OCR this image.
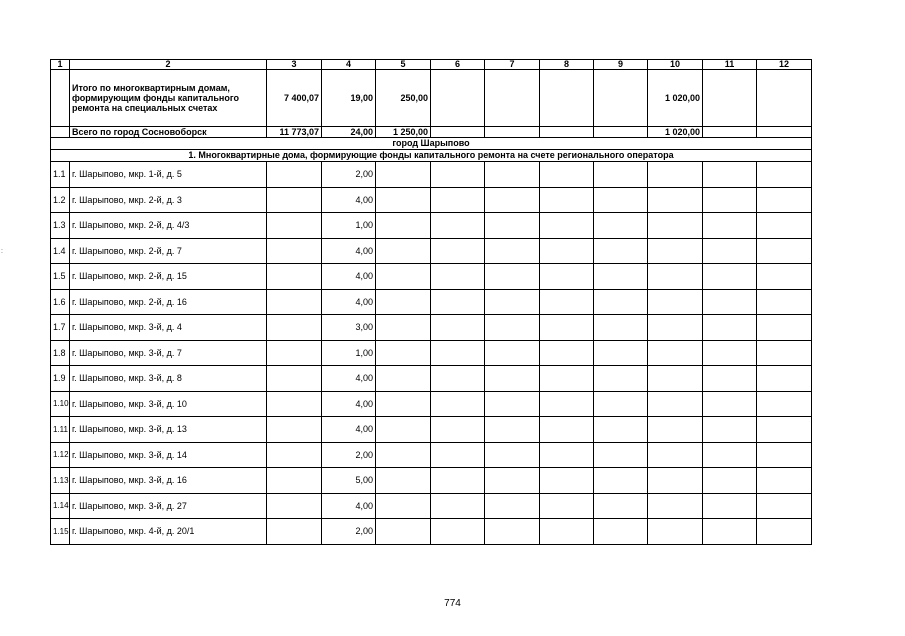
:
1	2	3	4	5	6	7	8	9	10	11	12
	Итого по многоквартирным домам, формирующим фонды капитального ремонта на специальных счетах	7 400,07	19,00	250,00					1 020,00		
	Всего по город Сосновоборск	11 773,07	24,00	1 250,00					1 020,00		
город Шарыпово											
1. Многоквартирные дома, формирующие фонды капитального ремонта на счете регионального оператора											
1.1	г. Шарыпово, мкр. 1-й, д. 5		2,00								
1.2	г. Шарыпово, мкр. 2-й, д. 3		4,00								
1.3	г. Шарыпово, мкр. 2-й, д. 4/3		1,00								
1.4	г. Шарыпово, мкр. 2-й, д. 7		4,00								
1.5	г. Шарыпово, мкр. 2-й, д. 15		4,00								
1.6	г. Шарыпово, мкр. 2-й, д. 16		4,00								
1.7	г. Шарыпово, мкр. 3-й, д. 4		3,00								
1.8	г. Шарыпово, мкр. 3-й, д. 7		1,00								
1.9	г. Шарыпово, мкр. 3-й, д. 8		4,00								
1.10	г. Шарыпово, мкр. 3-й, д. 10		4,00								
1.11	г. Шарыпово, мкр. 3-й, д. 13		4,00								
1.12	г. Шарыпово, мкр. 3-й, д. 14		2,00								
1.13	г. Шарыпово, мкр. 3-й, д. 16		5,00								
1.14	г. Шарыпово, мкр. 3-й, д. 27		4,00								
1.15	г. Шарыпово, мкр. 4-й, д. 20/1		2,00								
774
